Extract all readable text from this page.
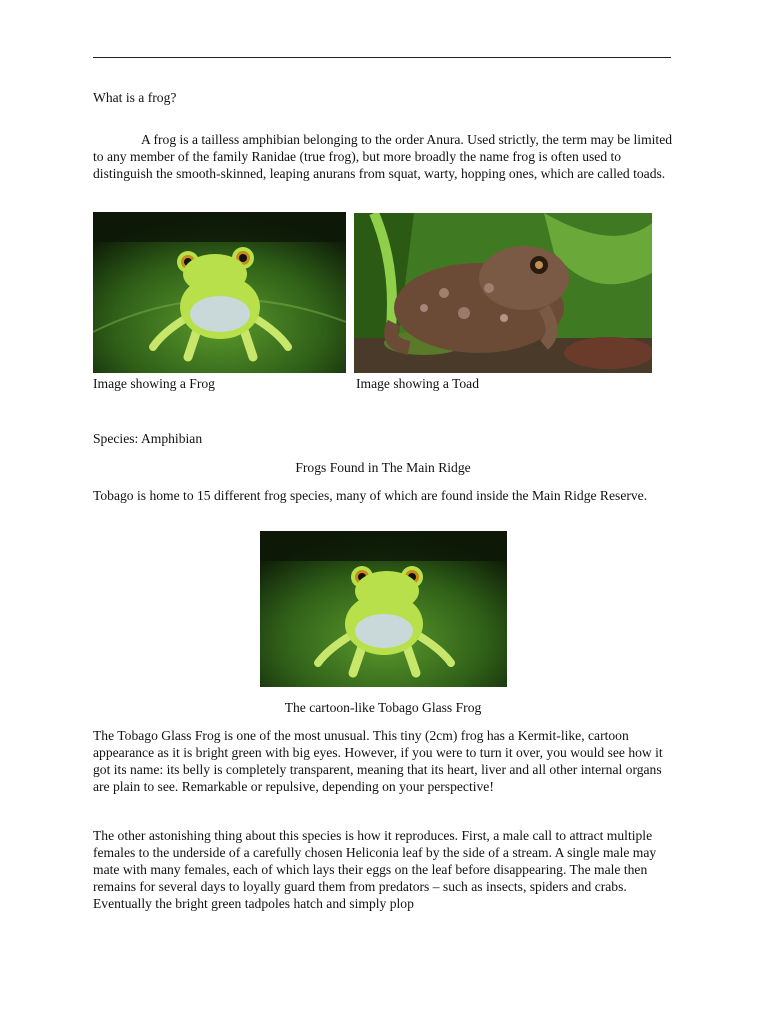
What is a frog?

A frog is a tailless amphibian belonging to the order Anura. Used strictly, the term may be limited to any member of the family Ranidae (true frog), but more broadly the name frog is often used to distinguish the smooth-skinned, leaping anurans from squat, warty, hopping ones, which are called toads.

Image showing a Frog	Image showing a Toad

Species: Amphibian

Frogs Found in The Main Ridge

Tobago is home to 15 different frog species, many of which are found inside the Main Ridge Reserve.

The cartoon-like Tobago Glass Frog

The Tobago Glass Frog is one of the most unusual. This tiny (2cm) frog has a Kermit-like, cartoon appearance as it is bright green with big eyes. However, if you were to turn it over, you would see how it got its name: its belly is completely transparent, meaning that its heart, liver and all other internal organs are plain to see. Remarkable or repulsive, depending on your perspective!

The other astonishing thing about this species is how it reproduces. First, a male call to attract multiple females to the underside of a carefully chosen Heliconia leaf by the side of a stream. A single male may mate with many females, each of which lays their eggs on the leaf before disappearing. The male then remains for several days to loyally guard them from predators – such as insects, spiders and crabs. Eventually the bright green tadpoles hatch and simply plop
